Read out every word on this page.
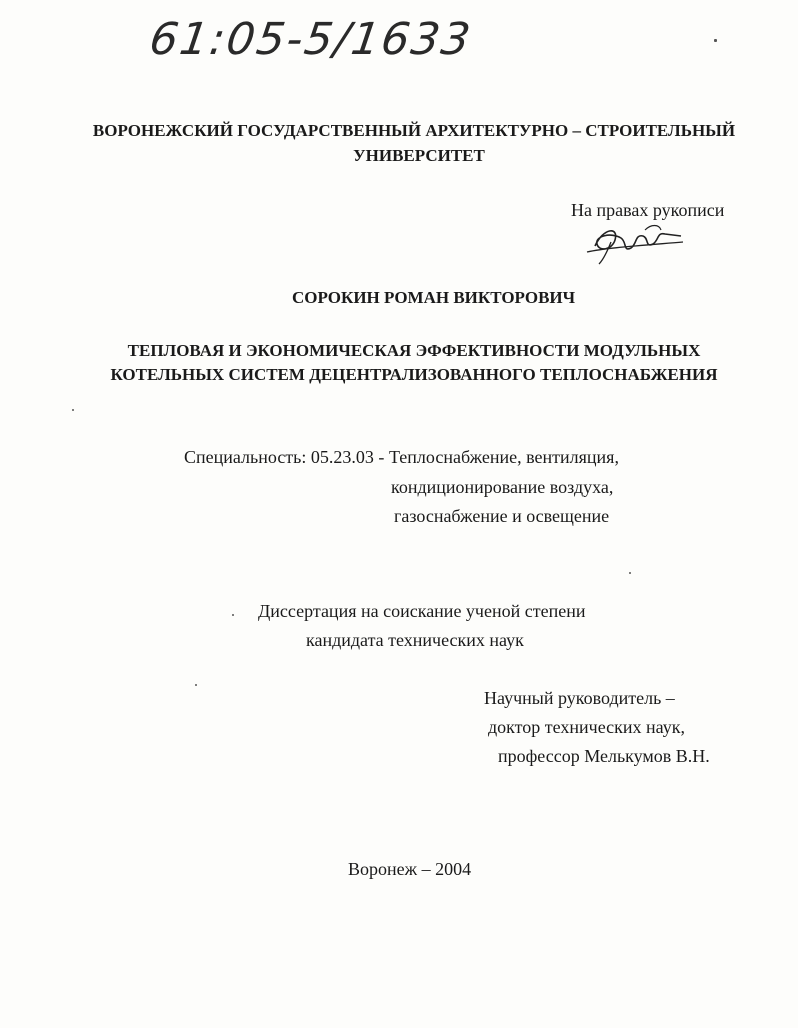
61:05-5/1633
ВОРОНЕЖСКИЙ ГОСУДАРСТВЕННЫЙ АРХИТЕКТУРНО – СТРОИТЕЛЬНЫЙ
УНИВЕРСИТЕТ
На правах рукописи
СОРОКИН РОМАН ВИКТОРОВИЧ
ТЕПЛОВАЯ И ЭКОНОМИЧЕСКАЯ ЭФФЕКТИВНОСТИ МОДУЛЬНЫХ
КОТЕЛЬНЫХ СИСТЕМ ДЕЦЕНТРАЛИЗОВАННОГО ТЕПЛОСНАБЖЕНИЯ
Специальность: 05.23.03 - Теплоснабжение, вентиляция,
кондиционирование воздуха,
газоснабжение и освещение
Диссертация на соискание ученой степени
кандидата технических наук
Научный руководитель –
доктор технических наук,
профессор Мелькумов В.Н.
Воронеж – 2004
